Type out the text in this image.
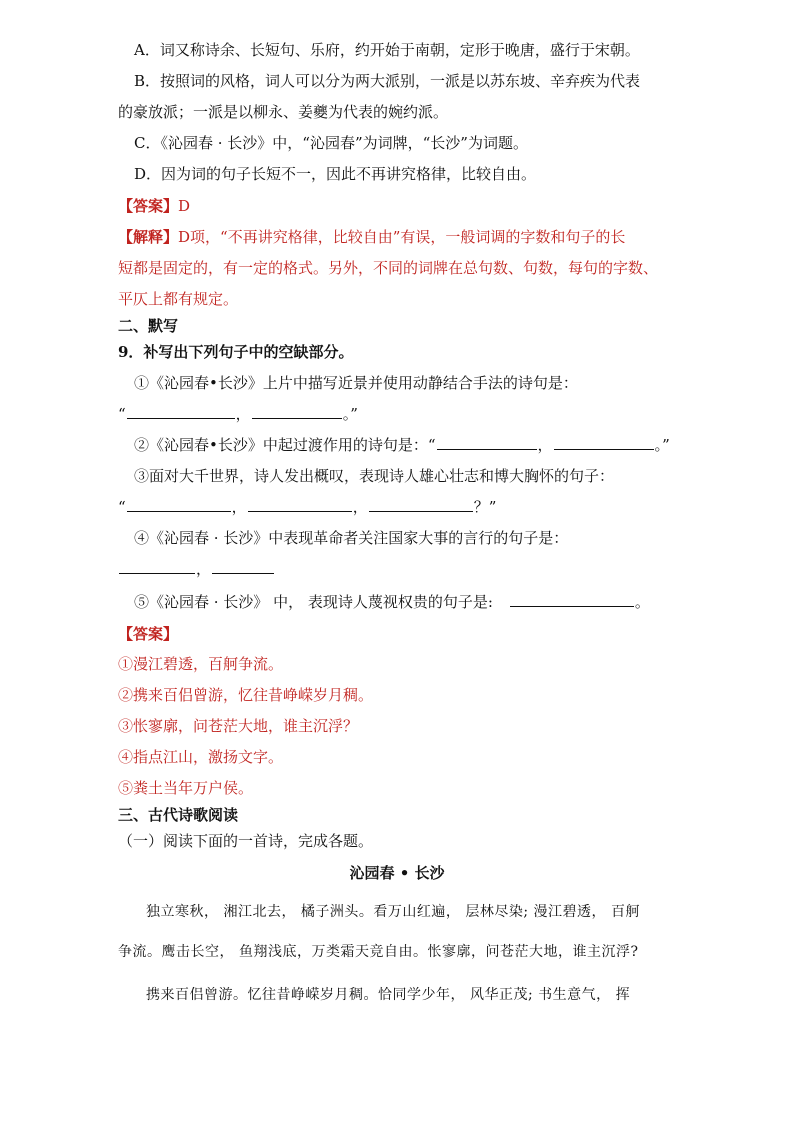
A．词又称诗余、长短句、乐府，约开始于南朝，定形于晚唐，盛行于宋朝。
B．按照词的风格，词人可以分为两大派别，一派是以苏东坡、辛弃疾为代表
的豪放派；一派是以柳永、姜夔为代表的婉约派。
C．《沁园春 · 长沙》中，“沁园春”为词牌，“长沙”为词题。
D．因为词的句子长短不一，因此不再讲究格律，比较自由。
【答案】D
【解释】D项，“不再讲究格律，比较自由”有误，一般词调的字数和句子的长
短都是固定的，有一定的格式。另外，不同的词牌在总句数、句数，每句的字数、
平仄上都有规定。
二、默写
9．补写出下列句子中的空缺部分。
①《沁园春•长沙》上片中描写近景并使用动静结合手法的诗句是：
“	，	。”
②《沁园春•长沙》中起过渡作用的诗句是：“	，	。”
③面对大千世界，诗人发出概叹，表现诗人雄心壮志和博大胸怀的句子：
“	，	，	？”
④《沁园春 · 长沙》中表现革命者关注国家大事的言行的句子是：
，
⑤《沁园春 · 长沙》 中， 表现诗人蔑视权贵的句子是:	。
【答案】
①漫江碧透，百舸争流。
②携来百侣曾游，忆往昔峥嵘岁月稠。
③怅寥廓，问苍茫大地，谁主沉浮？
④指点江山，激扬文字。
⑤粪土当年万户侯。
三、古代诗歌阅读
（一）阅读下面的一首诗，完成各题。
沁园春 • 长沙
独立寒秋， 湘江北去， 橘子洲头。看万山红遍， 层林尽染; 漫江碧透， 百舸
争流。鹰击长空， 鱼翔浅底，万类霜天竞自由。怅寥廓，问苍茫大地，谁主沉浮?
携来百侣曾游。忆往昔峥嵘岁月稠。恰同学少年， 风华正茂; 书生意气， 挥
